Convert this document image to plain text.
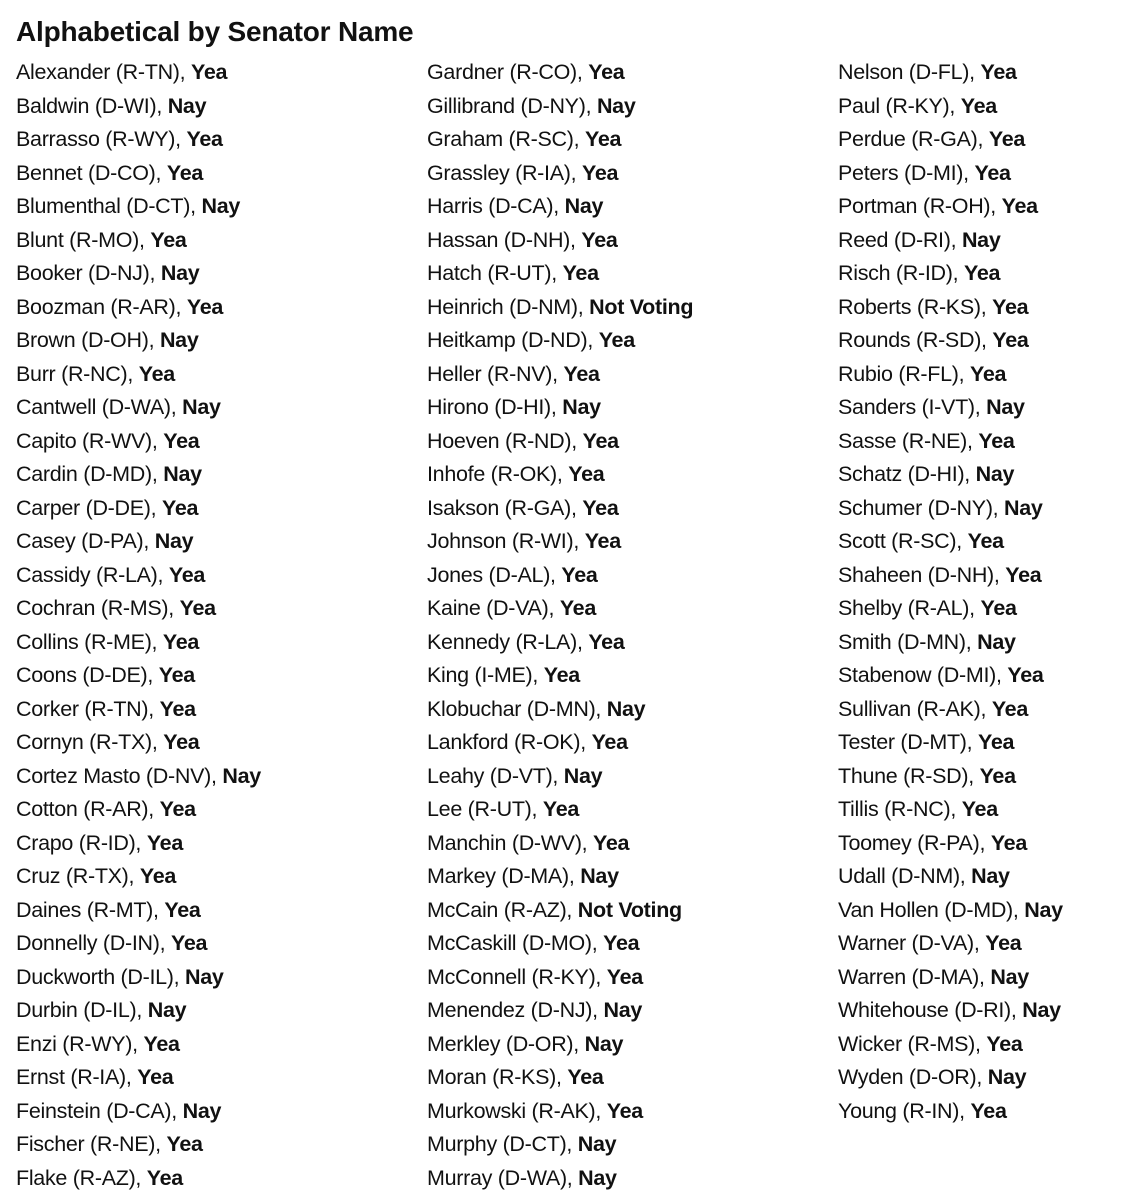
Alphabetical by Senator Name
Alexander (R-TN), Yea
Baldwin (D-WI), Nay
Barrasso (R-WY), Yea
Bennet (D-CO), Yea
Blumenthal (D-CT), Nay
Blunt (R-MO), Yea
Booker (D-NJ), Nay
Boozman (R-AR), Yea
Brown (D-OH), Nay
Burr (R-NC), Yea
Cantwell (D-WA), Nay
Capito (R-WV), Yea
Cardin (D-MD), Nay
Carper (D-DE), Yea
Casey (D-PA), Nay
Cassidy (R-LA), Yea
Cochran (R-MS), Yea
Collins (R-ME), Yea
Coons (D-DE), Yea
Corker (R-TN), Yea
Cornyn (R-TX), Yea
Cortez Masto (D-NV), Nay
Cotton (R-AR), Yea
Crapo (R-ID), Yea
Cruz (R-TX), Yea
Daines (R-MT), Yea
Donnelly (D-IN), Yea
Duckworth (D-IL), Nay
Durbin (D-IL), Nay
Enzi (R-WY), Yea
Ernst (R-IA), Yea
Feinstein (D-CA), Nay
Fischer (R-NE), Yea
Flake (R-AZ), Yea
Gardner (R-CO), Yea
Gillibrand (D-NY), Nay
Graham (R-SC), Yea
Grassley (R-IA), Yea
Harris (D-CA), Nay
Hassan (D-NH), Yea
Hatch (R-UT), Yea
Heinrich (D-NM), Not Voting
Heitkamp (D-ND), Yea
Heller (R-NV), Yea
Hirono (D-HI), Nay
Hoeven (R-ND), Yea
Inhofe (R-OK), Yea
Isakson (R-GA), Yea
Johnson (R-WI), Yea
Jones (D-AL), Yea
Kaine (D-VA), Yea
Kennedy (R-LA), Yea
King (I-ME), Yea
Klobuchar (D-MN), Nay
Lankford (R-OK), Yea
Leahy (D-VT), Nay
Lee (R-UT), Yea
Manchin (D-WV), Yea
Markey (D-MA), Nay
McCain (R-AZ), Not Voting
McCaskill (D-MO), Yea
McConnell (R-KY), Yea
Menendez (D-NJ), Nay
Merkley (D-OR), Nay
Moran (R-KS), Yea
Murkowski (R-AK), Yea
Murphy (D-CT), Nay
Murray (D-WA), Nay
Nelson (D-FL), Yea
Paul (R-KY), Yea
Perdue (R-GA), Yea
Peters (D-MI), Yea
Portman (R-OH), Yea
Reed (D-RI), Nay
Risch (R-ID), Yea
Roberts (R-KS), Yea
Rounds (R-SD), Yea
Rubio (R-FL), Yea
Sanders (I-VT), Nay
Sasse (R-NE), Yea
Schatz (D-HI), Nay
Schumer (D-NY), Nay
Scott (R-SC), Yea
Shaheen (D-NH), Yea
Shelby (R-AL), Yea
Smith (D-MN), Nay
Stabenow (D-MI), Yea
Sullivan (R-AK), Yea
Tester (D-MT), Yea
Thune (R-SD), Yea
Tillis (R-NC), Yea
Toomey (R-PA), Yea
Udall (D-NM), Nay
Van Hollen (D-MD), Nay
Warner (D-VA), Yea
Warren (D-MA), Nay
Whitehouse (D-RI), Nay
Wicker (R-MS), Yea
Wyden (D-OR), Nay
Young (R-IN), Yea
